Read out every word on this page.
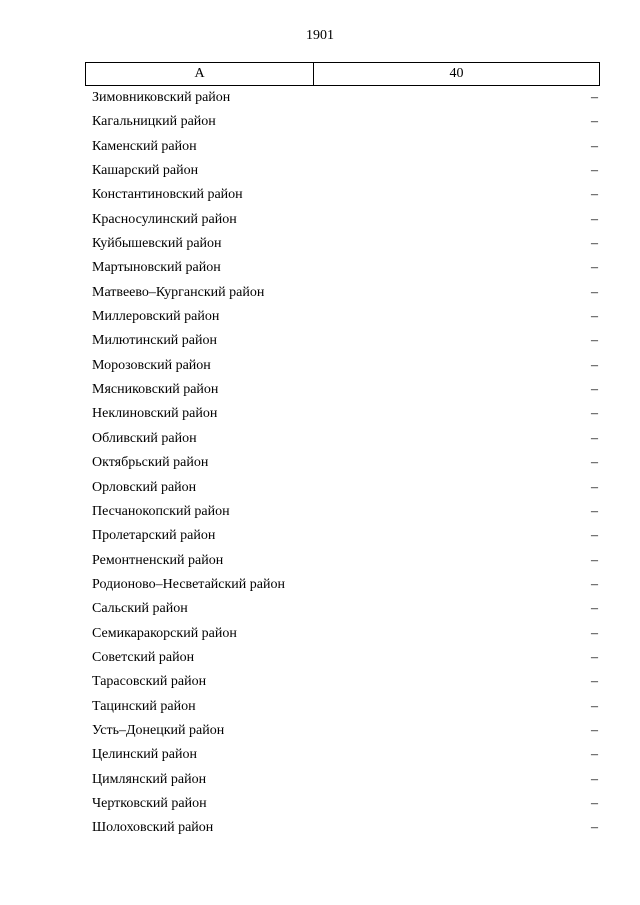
1901
А	40
Зимовниковский район	–
Кагальницкий район	–
Каменский район	–
Кашарский район	–
Константиновский район	–
Красносулинский район	–
Куйбышевский район	–
Мартыновский район	–
Матвеево–Курганский район	–
Миллеровский район	–
Милютинский район	–
Морозовский район	–
Мясниковский район	–
Неклиновский район	–
Обливский район	–
Октябрьский район	–
Орловский район	–
Песчанокопский район	–
Пролетарский район	–
Ремонтненский район	–
Родионово–Несветайский район	–
Сальский район	–
Семикаракорский район	–
Советский район	–
Тарасовский район	–
Тацинский район	–
Усть–Донецкий район	–
Целинский район	–
Цимлянский район	–
Чертковский район	–
Шолоховский район	–
